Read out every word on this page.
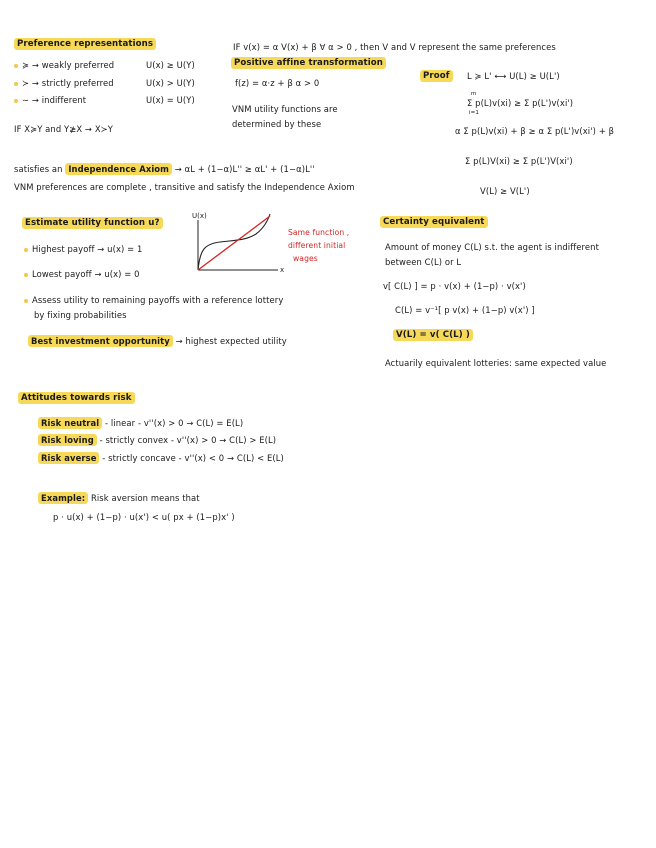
Preference representations
≽ → weakly preferred	U(x) ≥ U(Y)
≻ → strictly preferred	U(x) > U(Y)
∼ → indifferent	U(x) = U(Y)
IF X≽Y and Y≱X → X≻Y
IF v(x) = α V(x) + β ∀ α > 0 , then V and V represent the same preferences
Positive affine transformation
f(z) = α·z + β α > 0
VNM utility functions are
determined by these
Proof	L ≽ L' ⟷ U(L) ≥ U(L')
m
Σ p(L)v(xi) ≥ Σ p(L')v(xi')
i=1
α Σ p(L)v(xi) + β ≥ α Σ p(L')v(xi') + β
Σ p(L)V(xi) ≥ Σ p(L')V(xi')
V(L) ≥ V(L')
satisfies an Independence Axiom → αL + (1−α)L'' ≥ αL' + (1−α)L''
VNM preferences are complete , transitive and satisfy the Independence Axiom
Estimate utility function u?
Highest payoff → u(x) = 1
Lowest payoff → u(x) = 0
Assess utility to remaining payoffs with a reference lottery
by fixing probabilities
Best investment opportunity → highest expected utility
U(x)
x
Same function ,
different initial
wages
Certainty equivalent
Amount of money C(L) s.t. the agent is indifferent
between C(L) or L
v[ C(L) ] = p · v(x) + (1−p) · v(x')
C(L) = v⁻¹[ p v(x) + (1−p) v(x') ]
V(L) = v( C(L) )
Actuarily equivalent lotteries: same expected value
Attitudes towards risk
Risk neutral - linear - v''(x) > 0 → C(L) = E(L)
Risk loving - strictly convex - v''(x) > 0 → C(L) > E(L)
Risk averse - strictly concave - v''(x) < 0 → C(L) < E(L)
Example: Risk aversion means that
p · u(x) + (1−p) · u(x') < u( px + (1−p)x' )
